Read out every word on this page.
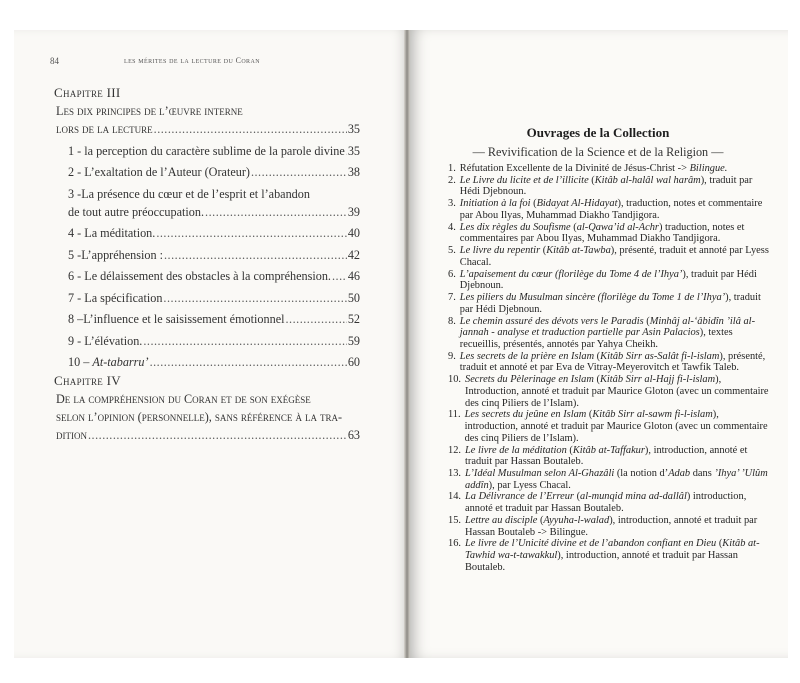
84	les mérites de la lecture du Coran
Chapitre III
Les dix principes de l’œuvre interne
lors de la lecture .....	35
1 - la perception du caractère sublime de la parole divine ..... 35
2 - L’exaltation de l’Auteur (Orateur) .....	38
3 -La présence du cœur et de l’esprit et l’abandon
de tout autre préoccupation. .....	39
4 - La méditation. .....	40
5 -L’appréhension : .....	42
6 - Le délaissement des obstacles à la compréhension. ..... 46
7 - La spécification .....	50
8 –L’influence et le saisissement émotionnel .....	52
9 - L’élévation. .....	59
10 – At-tabarru’ .....	60
Chapitre IV
De la compréhension du Coran et de son exégèse
selon l’opinion (personnelle), sans référence à la tra-
dition .....	63
Ouvrages de la Collection
— Revivification de la Science et de la Religion —
1. Réfutation Excellente de la Divinité de Jésus-Christ -> Bilingue.
2. Le Livre du licite et de l’illicite (Kitâb al-halâl wal harâm), traduit par Hédi Djebnoun.
3. Initiation à la foi (Bidayat Al-Hidayat), traduction, notes et commentaire par Abou Ilyas, Muhammad Diakho Tandjigora.
4. Les dix règles du Soufisme (al-Qawa’id al-Achr) traduction, notes et commentaires par Abou Ilyas, Muhammad Diakho Tandjigora.
5. Le livre du repentir (Kitâb at-Tawba), présenté, traduit et annoté par Lyess Chacal.
6. L’apaisement du cœur (florilège du Tome 4 de l’Ihya’), traduit par Hédi Djebnoun.
7. Les piliers du Musulman sincère (florilège du Tome 1 de l’Ihya’), traduit par Hédi Djebnoun.
8. Le chemin assuré des dévots vers le Paradis (Minhâj al-‘âbidîn ’ilâ al-jannah - analyse et traduction partielle par Asin Palacios), textes recueillis, présentés, annotés par Yahya Cheikh.
9. Les secrets de la prière en Islam (Kitâb Sirr as-Salât fi-l-islam), présenté, traduit et annoté et par Eva de Vitray-Meyerovitch et Tawfik Taleb.
10. Secrets du Pèlerinage en Islam (Kitâb Sirr al-Hajj fi-l-islam), Introduction, annoté et traduit par Maurice Gloton (avec un commentaire des cinq Piliers de l’Islam).
11. Les secrets du jeûne en Islam (Kitâb Sirr al-sawm fi-l-islam), introduction, annoté et traduit par Maurice Gloton (avec un commentaire des cinq Piliers de l’Islam).
12. Le livre de la méditation (Kitâb at-Taffakur), introduction, annoté et traduit par Hassan Boutaleb.
13. L’Idéal Musulman selon Al-Ghazâli (la notion d’Adab dans ’Ihya’ ’Ulûm addîn), par Lyess Chacal.
14. La Délivrance de l’Erreur (al-munqid mina ad-dallâl) introduction, annoté et traduit par Hassan Boutaleb.
15. Lettre au disciple (Ayyuha-l-walad), introduction, annoté et traduit par Hassan Boutaleb -> Bilingue.
16. Le livre de l’Unicité divine et de l’abandon confiant en Dieu (Kitâb at-Tawhid wa-t-tawakkul), introduction, annoté et traduit par Hassan Boutaleb.
